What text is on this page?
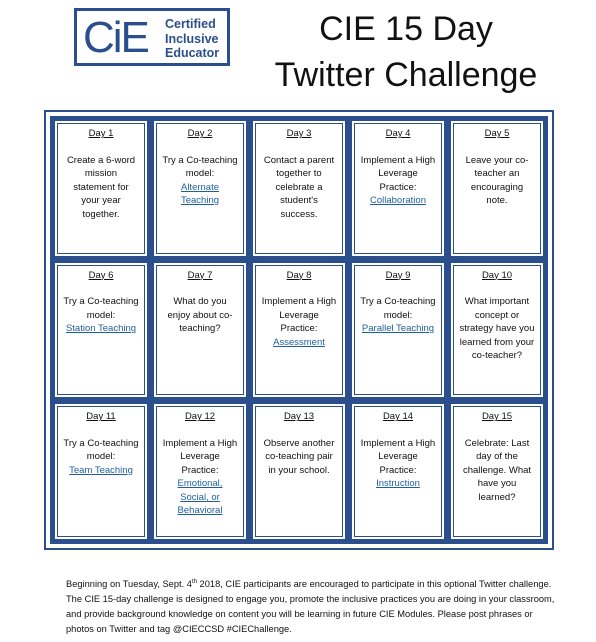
CiE Certified
Inclusive
Educator
CIE 15 Day
Twitter Challenge
Day 1
Create a 6-word mission statement for your year together.
Day 2
Try a Co-teaching model:
Alternate Teaching
Day 3
Contact a parent together to celebrate a student's success.
Day 4
Implement a High Leverage Practice:
Collaboration
Day 5
Leave your co-teacher an encouraging note.
Day 6
Try a Co-teaching model:
Station Teaching
Day 7
What do you enjoy about co-teaching?
Day 8
Implement a High Leverage Practice:
Assessment
Day 9
Try a Co-teaching model:
Parallel Teaching
Day 10
What important concept or strategy have you learned from your co-teacher?
Day 11
Try a Co-teaching model:
Team Teaching
Day 12
Implement a High Leverage Practice:
Emotional, Social, or Behavioral
Day 13
Observe another co-teaching pair in your school.
Day 14
Implement a High Leverage Practice:
Instruction
Day 15
Celebrate: Last day of the challenge. What have you learned?
Beginning on Tuesday, Sept. 4th 2018, CIE participants are encouraged to participate in this optional Twitter challenge. The CIE 15-day challenge is designed to engage you, promote the inclusive practices you are doing in your classroom, and provide background knowledge on content you will be learning in future CIE Modules. Please post phrases or photos on Twitter and tag @CIECCSD #CIEChallenge.
